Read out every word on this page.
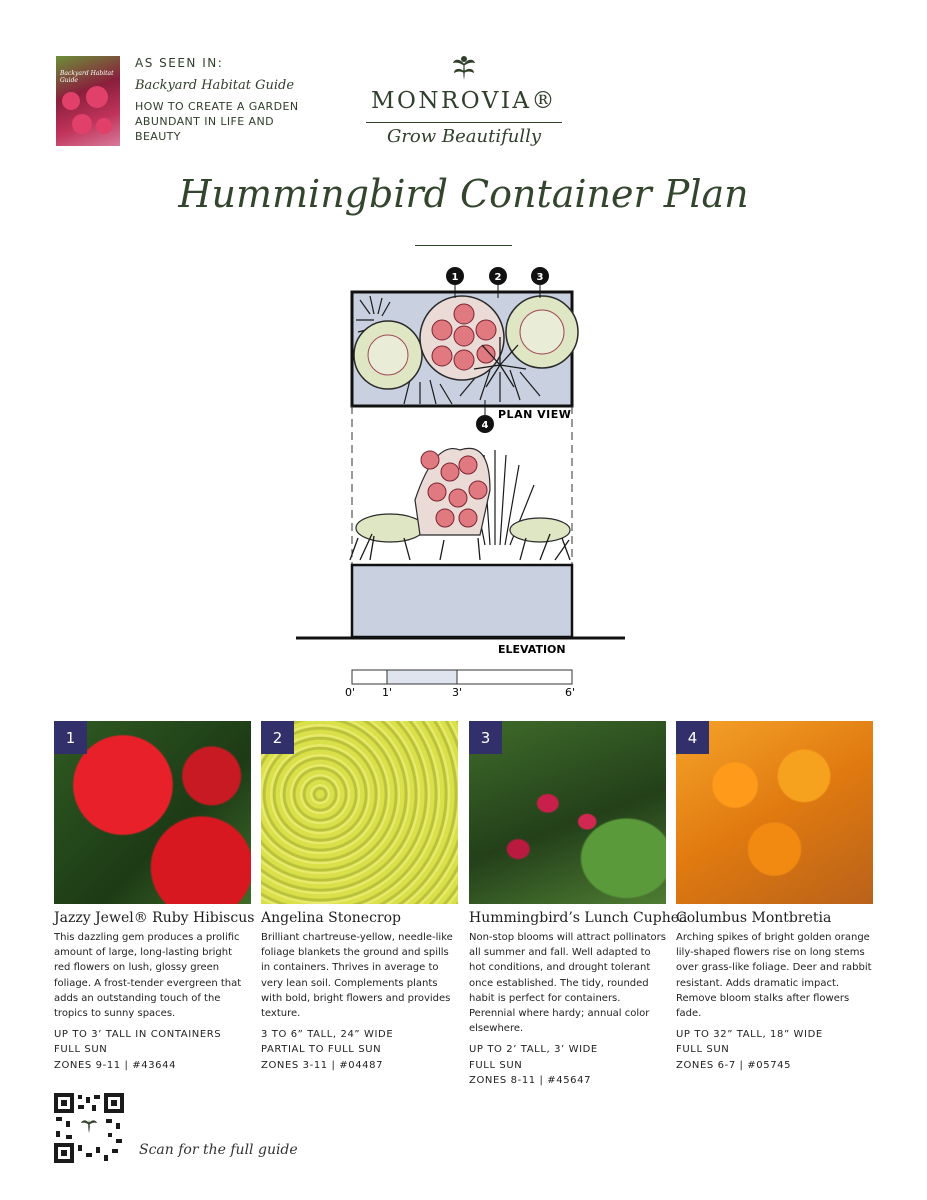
Backyard Habitat Guide
AS SEEN IN:
Backyard Habitat Guide
HOW TO CREATE A GARDEN ABUNDANT IN LIFE AND BEAUTY
MONROVIA®
Grow Beautifully
Hummingbird Container Plan
1	2	3
4
PLAN VIEW
ELEVATION
0' 1'	3'	6'
1
Jazzy Jewel® Ruby Hibiscus
This dazzling gem produces a prolific amount of large, long-lasting bright red flowers on lush, glossy green foliage. A frost-tender evergreen that adds an outstanding touch of the tropics to sunny spaces.
UP TO 3’ TALL IN CONTAINERS
FULL SUN
ZONES 9-11 | #43644
2
Angelina Stonecrop
Brilliant chartreuse-yellow, needle-like foliage blankets the ground and spills in containers. Thrives in average to very lean soil. Complements plants with bold, bright flowers and provides texture.
3 TO 6” TALL, 24” WIDE
PARTIAL TO FULL SUN
ZONES 3-11 | #04487
3
Hummingbird’s Lunch Cuphea
Non-stop blooms will attract pollinators all summer and fall. Well adapted to hot conditions, and drought tolerant once established. The tidy, rounded habit is perfect for containers. Perennial where hardy; annual color elsewhere.
UP TO 2’ TALL, 3’ WIDE
FULL SUN
ZONES 8-11 | #45647
4
Columbus Montbretia
Arching spikes of bright golden orange lily-shaped flowers rise on long stems over grass-like foliage. Deer and rabbit resistant. Adds dramatic impact. Remove bloom stalks after flowers fade.
UP TO 32” TALL, 18” WIDE
FULL SUN
ZONES 6-7 | #05745
Scan for the full guide
